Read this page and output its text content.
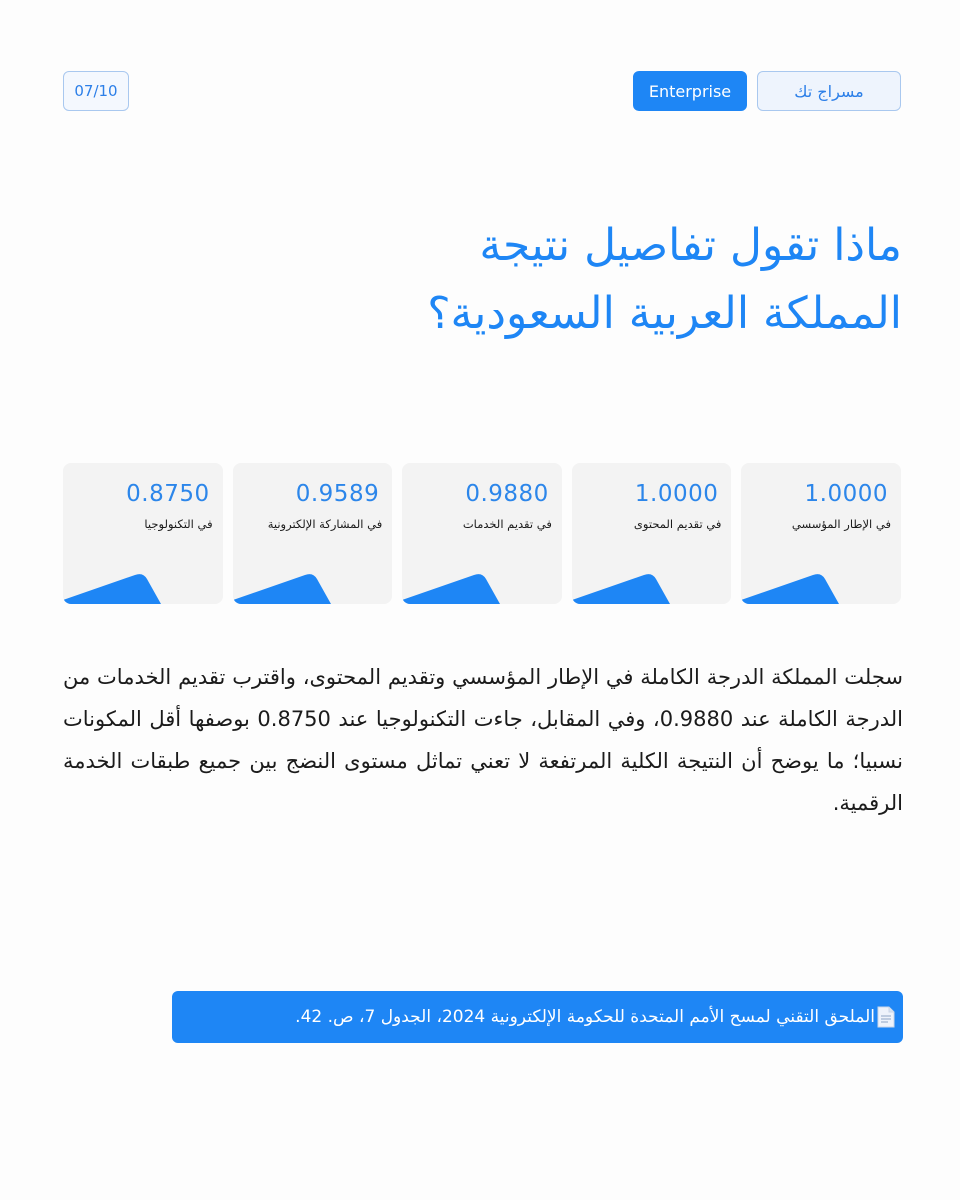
مسراج تك
Enterprise
07/10
ماذا تقول تفاصيل نتيجة
المملكة العربية السعودية؟
1.0000
في الإطار المؤسسي
1.0000
في تقديم المحتوى
0.9880
في تقديم الخدمات
0.9589
في المشاركة الإلكترونية
0.8750
في التكنولوجيا

سجلت المملكة الدرجة الكاملة في الإطار المؤسسي وتقديم المحتوى، واقترب تقديم الخدمات من الدرجة الكاملة عند 0.9880، وفي المقابل، جاءت التكنولوجيا عند 0.8750 بوصفها أقل المكونات نسبيا؛ ما يوضح أن النتيجة الكلية المرتفعة لا تعني تماثل مستوى النضج بين جميع طبقات الخدمة الرقمية.

الملحق التقني لمسح الأمم المتحدة للحكومة الإلكترونية 2024، الجدول 7، ص. 42.
